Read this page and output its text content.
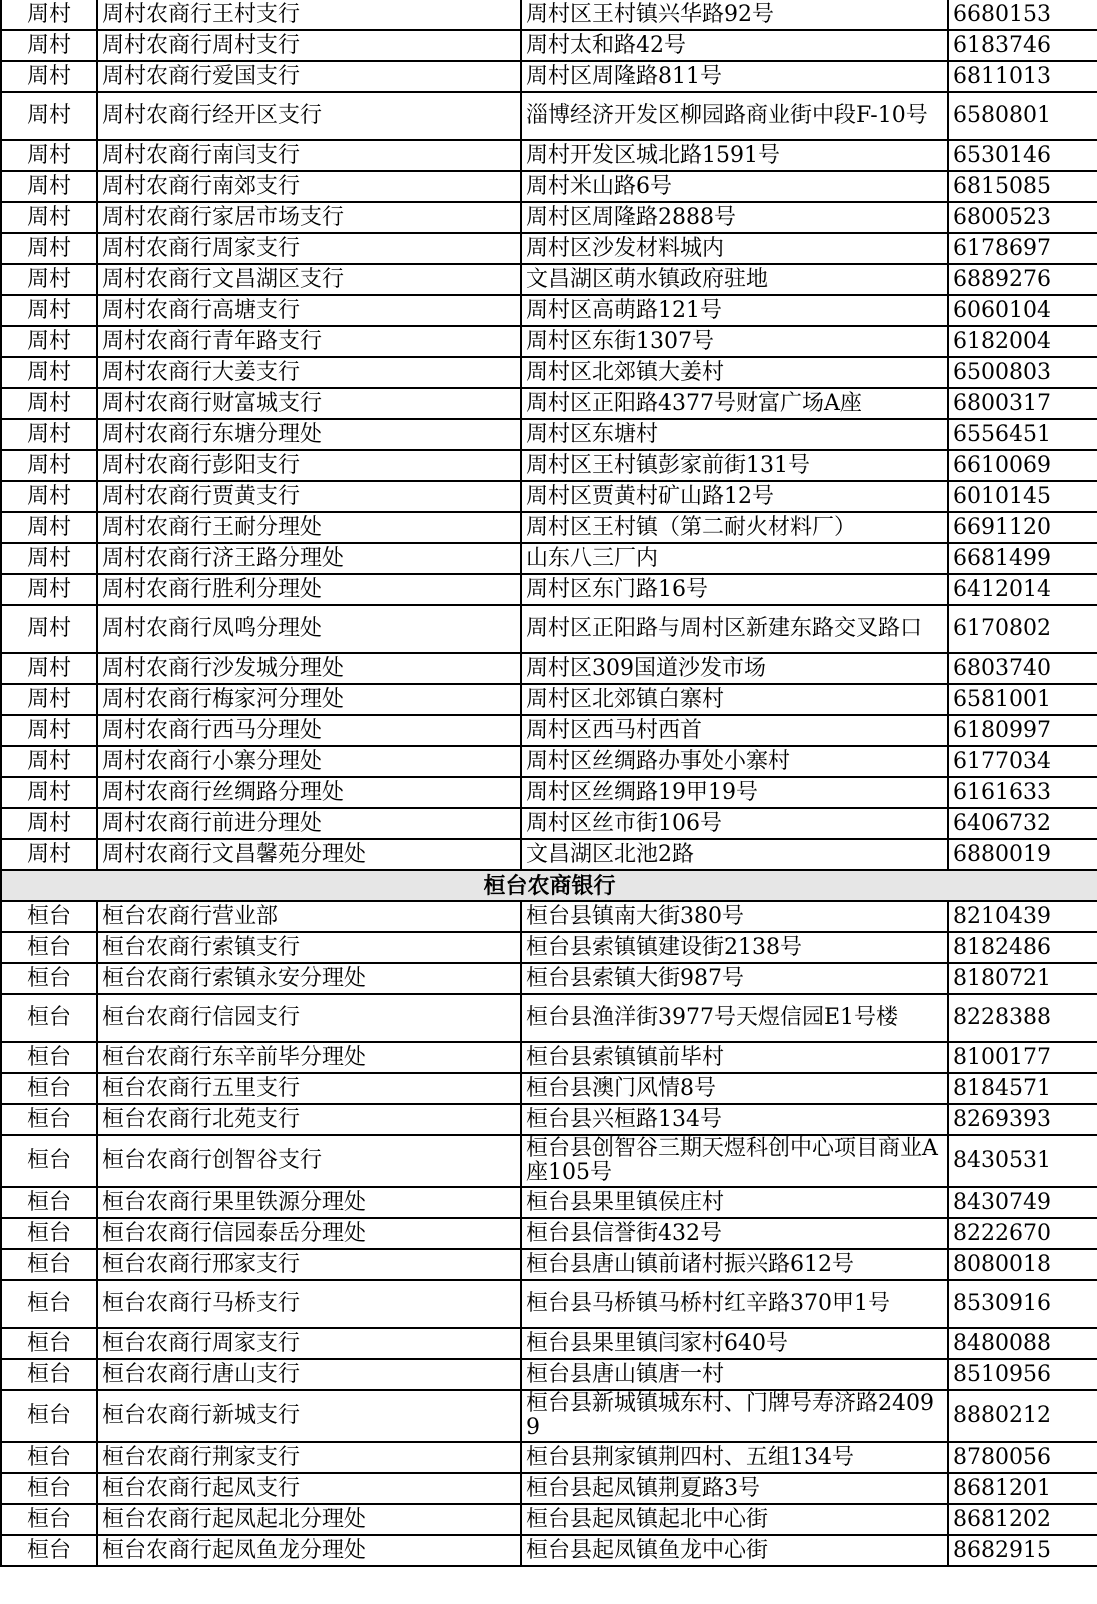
周村	周村农商行王村支行	周村区王村镇兴华路92号	6680153
周村	周村农商行周村支行	周村太和路42号	6183746
周村	周村农商行爱国支行	周村区周隆路811号	6811013
周村	周村农商行经开区支行	淄博经济开发区柳园路商业街中段F-10号	6580801
周村	周村农商行南闫支行	周村开发区城北路1591号	6530146
周村	周村农商行南郊支行	周村米山路6号	6815085
周村	周村农商行家居市场支行	周村区周隆路2888号	6800523
周村	周村农商行周家支行	周村区沙发材料城内	6178697
周村	周村农商行文昌湖区支行	文昌湖区萌水镇政府驻地	6889276
周村	周村农商行高塘支行	周村区高萌路121号	6060104
周村	周村农商行青年路支行	周村区东街1307号	6182004
周村	周村农商行大姜支行	周村区北郊镇大姜村	6500803
周村	周村农商行财富城支行	周村区正阳路4377号财富广场A座	6800317
周村	周村农商行东塘分理处	周村区东塘村	6556451
周村	周村农商行彭阳支行	周村区王村镇彭家前街131号	6610069
周村	周村农商行贾黄支行	周村区贾黄村矿山路12号	6010145
周村	周村农商行王耐分理处	周村区王村镇（第二耐火材料厂）	6691120
周村	周村农商行济王路分理处	山东八三厂内	6681499
周村	周村农商行胜利分理处	周村区东门路16号	6412014
周村	周村农商行凤鸣分理处	周村区正阳路与周村区新建东路交叉路口	6170802
周村	周村农商行沙发城分理处	周村区309国道沙发市场	6803740
周村	周村农商行梅家河分理处	周村区北郊镇白寨村	6581001
周村	周村农商行西马分理处	周村区西马村西首	6180997
周村	周村农商行小寨分理处	周村区丝绸路办事处小寨村	6177034
周村	周村农商行丝绸路分理处	周村区丝绸路19甲19号	6161633
周村	周村农商行前进分理处	周村区丝市街106号	6406732
周村	周村农商行文昌馨苑分理处	文昌湖区北池2路	6880019
桓台农商银行			
桓台	桓台农商行营业部	桓台县镇南大街380号	8210439
桓台	桓台农商行索镇支行	桓台县索镇镇建设街2138号	8182486
桓台	桓台农商行索镇永安分理处	桓台县索镇大街987号	8180721
桓台	桓台农商行信园支行	桓台县渔洋街3977号天煜信园E1号楼	8228388
桓台	桓台农商行东辛前毕分理处	桓台县索镇镇前毕村	8100177
桓台	桓台农商行五里支行	桓台县澳门风情8号	8184571
桓台	桓台农商行北苑支行	桓台县兴桓路134号	8269393
桓台	桓台农商行创智谷支行	桓台县创智谷三期天煜科创中心项目商业A座105号	8430531
桓台	桓台农商行果里铁源分理处	桓台县果里镇侯庄村	8430749
桓台	桓台农商行信园泰岳分理处	桓台县信誉街432号	8222670
桓台	桓台农商行邢家支行	桓台县唐山镇前诸村振兴路612号	8080018
桓台	桓台农商行马桥支行	桓台县马桥镇马桥村红辛路370甲1号	8530916
桓台	桓台农商行周家支行	桓台县果里镇闫家村640号	8480088
桓台	桓台农商行唐山支行	桓台县唐山镇唐一村	8510956
桓台	桓台农商行新城支行	桓台县新城镇城东村、门牌号寿济路24099	8880212
桓台	桓台农商行荆家支行	桓台县荆家镇荆四村、五组134号	8780056
桓台	桓台农商行起凤支行	桓台县起凤镇荆夏路3号	8681201
桓台	桓台农商行起凤起北分理处	桓台县起凤镇起北中心街	8681202
桓台	桓台农商行起凤鱼龙分理处	桓台县起凤镇鱼龙中心街	8682915
